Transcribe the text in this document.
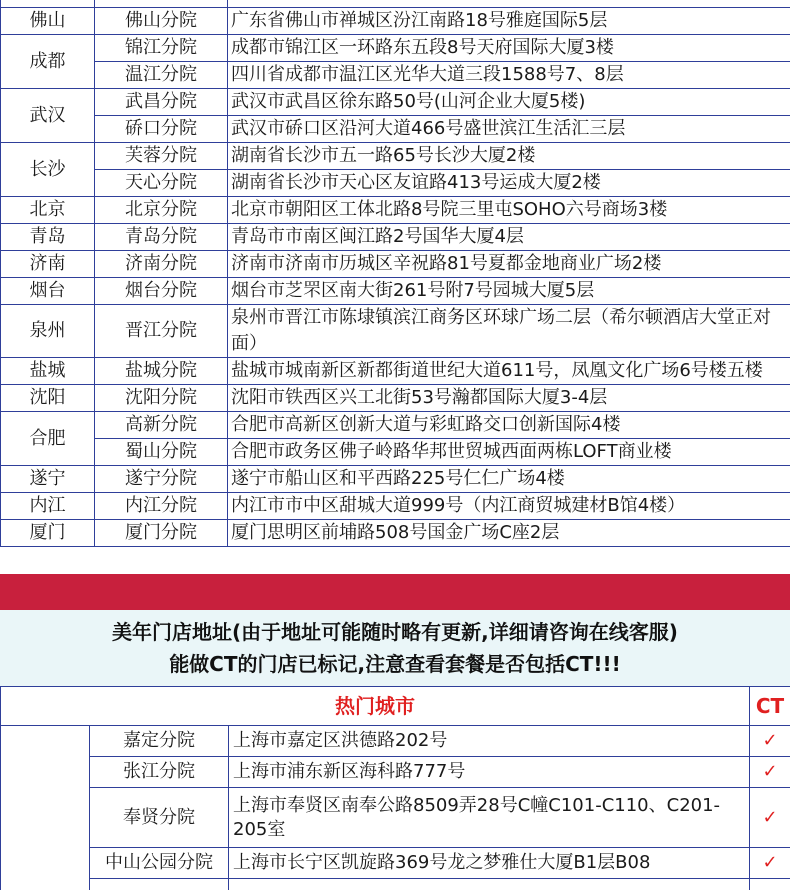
佛山	佛山分院	广东省佛山市禅城区汾江南路18号雅庭国际5层
成都	锦江分院	成都市锦江区一环路东五段8号天府国际大厦3楼
	温江分院	四川省成都市温江区光华大道三段1588号7、8层
武汉	武昌分院	武汉市武昌区徐东路50号(山河企业大厦5楼)
	硚口分院	武汉市硚口区沿河大道466号盛世滨江生活汇三层
长沙	芙蓉分院	湖南省长沙市五一路65号长沙大厦2楼
	天心分院	湖南省长沙市天心区友谊路413号运成大厦2楼
北京	北京分院	北京市朝阳区工体北路8号院三里屯SOHO六号商场3楼
青岛	青岛分院	青岛市市南区闽江路2号国华大厦4层
济南	济南分院	济南市济南市历城区辛祝路81号夏都金地商业广场2楼
烟台	烟台分院	烟台市芝罘区南大街261号附7号园城大厦5层
泉州	晋江分院	泉州市晋江市陈埭镇滨江商务区环球广场二层（希尔顿酒店大堂正对面）
盐城	盐城分院	盐城市城南新区新都街道世纪大道611号，凤凰文化广场6号楼五楼
沈阳	沈阳分院	沈阳市铁西区兴工北街53号瀚都国际大厦3-4层
合肥	高新分院	合肥市高新区创新大道与彩虹路交口创新国际4楼
	蜀山分院	合肥市政务区佛子岭路华邦世贸城西面两栋LOFT商业楼
遂宁	遂宁分院	遂宁市船山区和平西路225号仁仁广场4楼
内江	内江分院	内江市市中区甜城大道999号（内江商贸城建材B馆4楼）
厦门	厦门分院	厦门思明区前埔路508号国金广场C座2层
美年门店地址(由于地址可能随时略有更新,详细请咨询在线客服)
能做CT的门店已标记,注意查看套餐是否包括CT!!!
热门城市			CT
	嘉定分院	上海市嘉定区洪德路202号	✓
	张江分院	上海市浦东新区海科路777号	✓
	奉贤分院	上海市奉贤区南奉公路8509弄28号C幢C101-C110、C201-205室	✓
	中山公园分院	上海市长宁区凯旋路369号龙之梦雅仕大厦B1层B08	✓
